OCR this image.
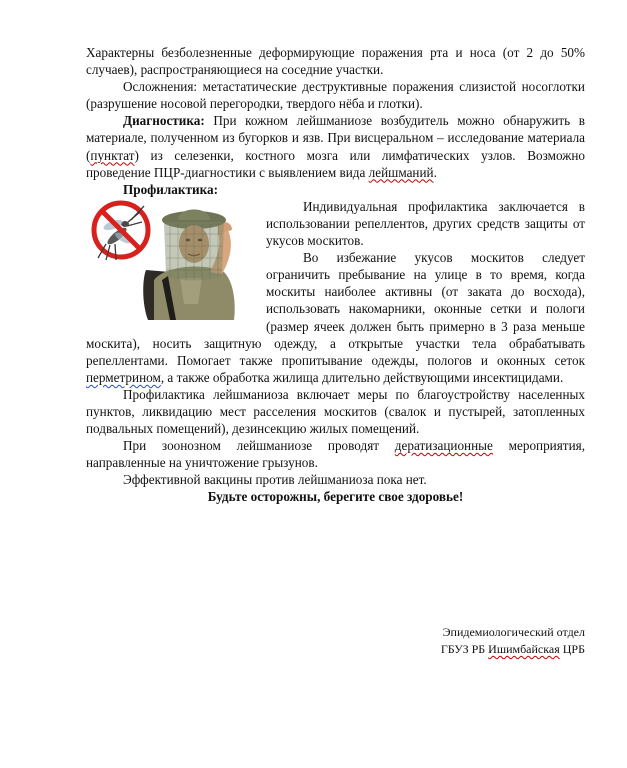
Характерны безболезненные деформирующие поражения рта и носа (от 2 до 50% случаев), распространяющиеся на соседние участки.

Осложнения: метастатические деструктивные поражения слизистой носоглотки (разрушение носовой перегородки, твердого нёба и глотки).

Диагностика: При кожном лейшманиозе возбудитель можно обнаружить в материале, полученном из бугорков и язв. При висцеральном – исследование материала (пунктат) из селезенки, костного мозга или лимфатических узлов. Возможно проведение ПЦР-диагностики с выявлением вида лейшманий.

Профилактика:

Индивидуальная профилактика заключается в использовании репеллентов, других средств защиты от укусов москитов.

Во избежание укусов москитов следует ограничить пребывание на улице в то время, когда москиты наиболее активны (от заката до восхода), использовать накомарники, оконные сетки и пологи (размер ячеек должен быть примерно в 3 раза меньше москита), носить защитную одежду, а открытые участки тела обрабатывать репеллентами. Помогает также пропитывание одежды, пологов и оконных сеток перметрином, а также обработка жилища длительно действующими инсектицидами.

Профилактика лейшманиоза включает меры по благоустройству населенных пунктов, ликвидацию мест расселения москитов (свалок и пустырей, затопленных подвальных помещений), дезинсекцию жилых помещений.

При зоонозном лейшманиозе проводят дератизационные мероприятия, направленные на уничтожение грызунов.

Эффективной вакцины против лейшманиоза пока нет.

Будьте осторожны, берегите свое здоровье!

Эпидемиологический отдел
ГБУЗ РБ Ишимбайская ЦРБ
